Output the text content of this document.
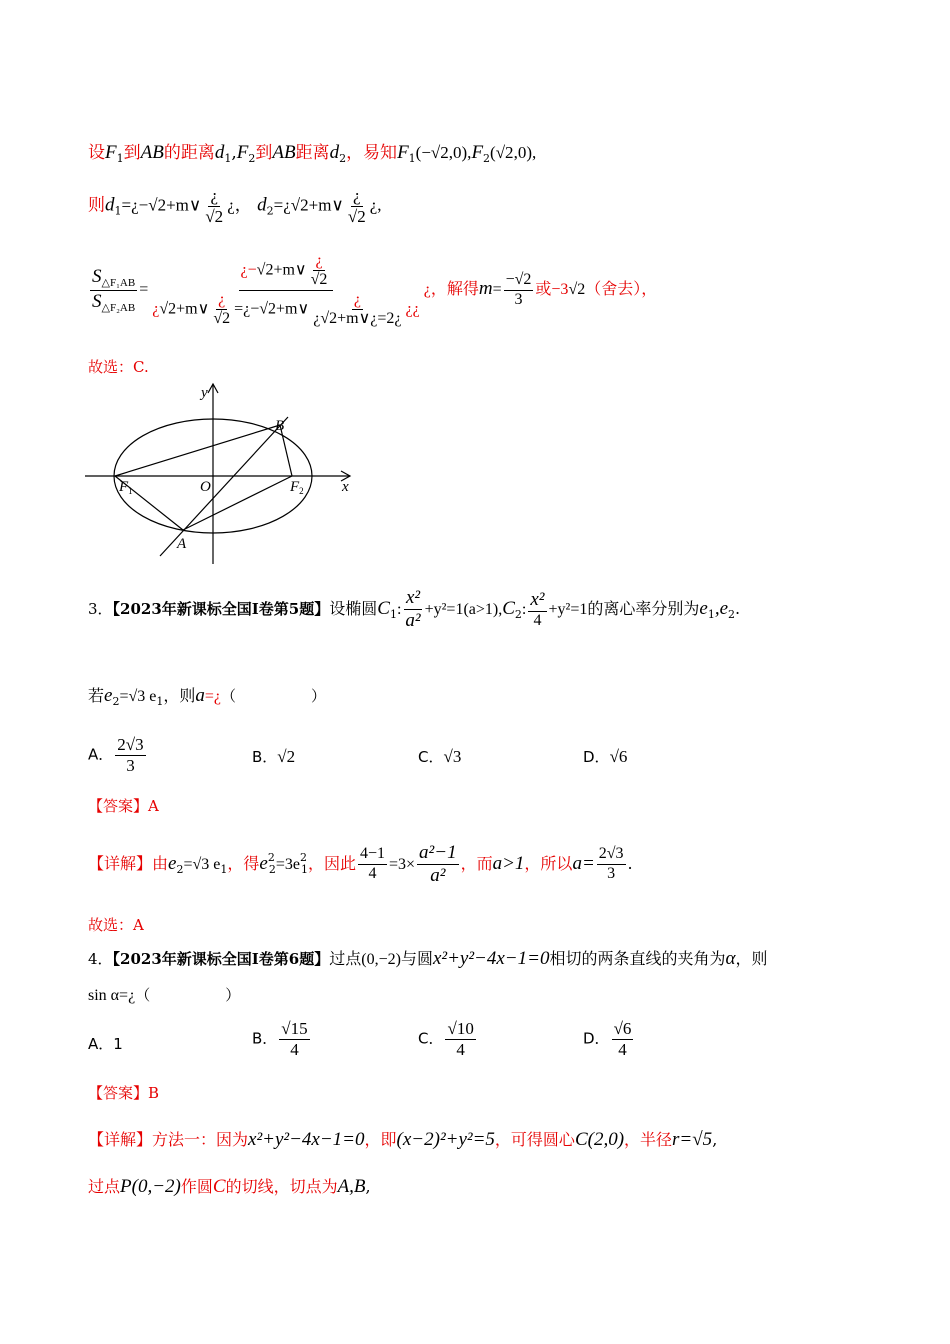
设$F_1$到AB的距离$d_1,F_2$到AB距离$d_2$，易知$F_1(-√2,0),F_2(√2,0)$,
则$d_1=¿-√2+m\vee \frac{¿}{√2}$ ¿， $d_2=¿√2+m\vee \frac{¿}{√2}$ ¿,
$\frac{S_{\triangle F_1AB}}{S_{\triangle F_2AB}} = \frac{¿-√2+m\vee \frac{¿}{√2}}{¿√2+m\vee \frac{¿}{√2} =¿-√2+m\vee \frac{¿}{¿√2+m\vee¿=2¿} ¿¿}$ ¿，解得$m= \frac{-√2}{3}$ 或−3√2（舍去），
故选：C.
y
x
O
$F_1$	$F_2$
A
B
3．【2023年新课标全国Ⅰ卷第5题】设椭圆$C_1$: $\frac{\text{x²}}{\text{a²}} +y^2=1(a>1),C_2$: $\frac{\text{x²}}{4} +y^2=1$的离心率分别为$e_1,e_2$.
若$e_2=√3$ $e_1$，则a=¿（　　　　　）
A． $\frac{2√3}{3}$	B．√2	C．√3	D．√6
【答案】A
【详解】由$e_2=√3$ $e_1$，得$e^2_2=3e^2_1$，因此 $\frac{4-1}{4} =3\times \frac{\text{a²−1}}{\text{a²}}$ ，而a>1，所以$a= \frac{2√3}{3}$ .
故选：A
4．【2023年新课标全国Ⅰ卷第6题】过点(0,−2)与圆x²+y²−4x−1=0相切的两条直线的夹角为α，则
sin α=¿（　　　　　）
A．1	B． $\frac{√15}{4}$	C． $\frac{√10}{4}$	D． $\frac{√6}{4}$
【答案】B
【详解】方法一：因为x²+y²−4x−1=0，即(x−2)²+y²=5，可得圆心C(2,0)，半径r=√5,
过点P(0,−2)作圆C的切线，切点为A,B,
